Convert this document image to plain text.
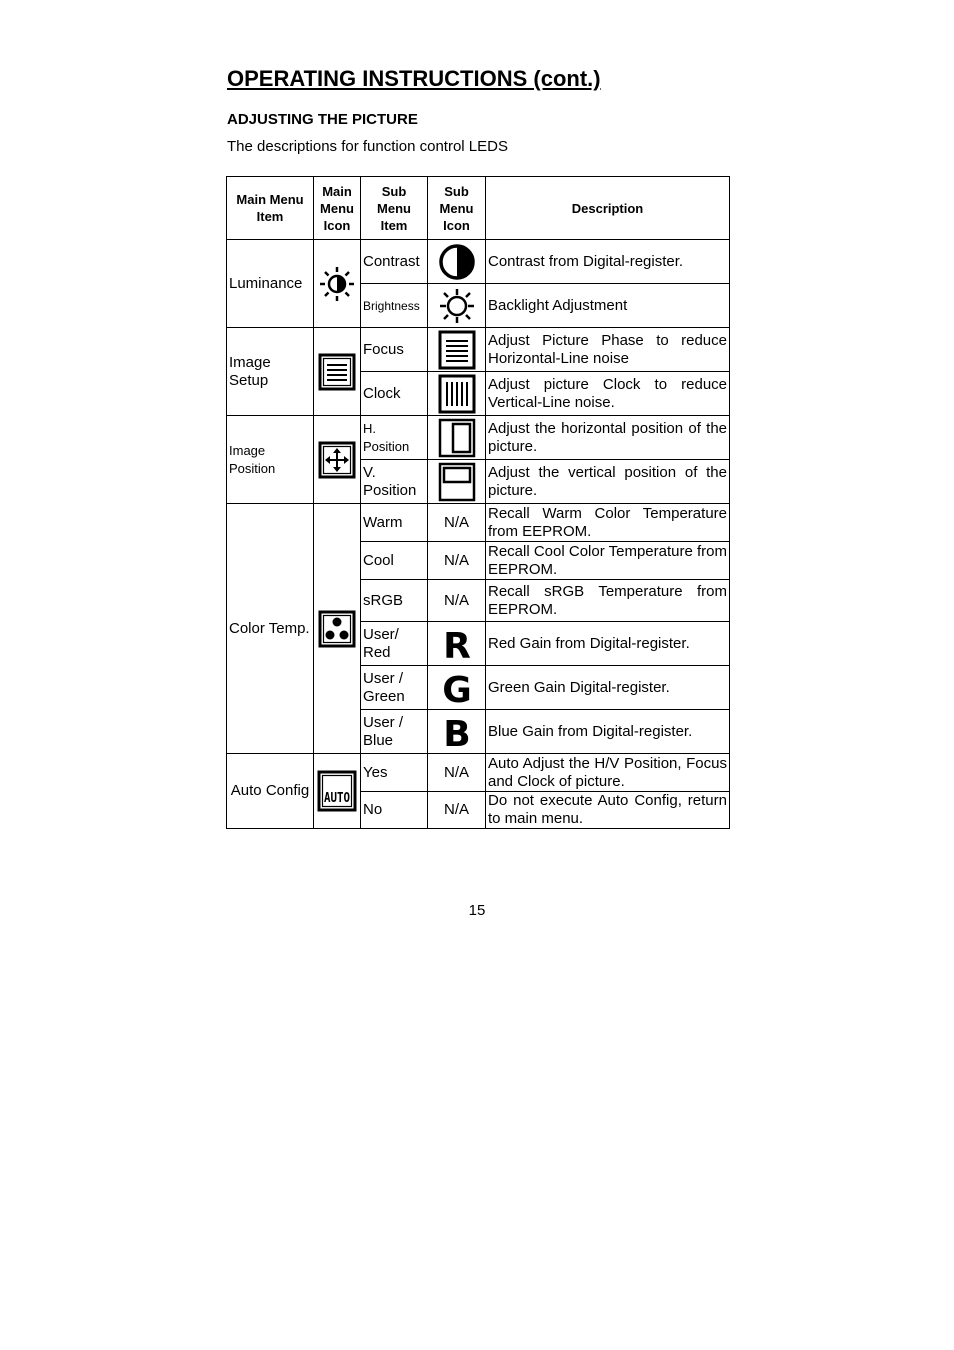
OPERATING INSTRUCTIONS (cont.)
ADJUSTING THE PICTURE

The descriptions for function control LEDS

Main Menu Item	Main Menu Icon	Sub Menu Item	Sub Menu Icon	Description
Luminance		Contrast		Contrast from Digital-register.
		Brightness		Backlight Adjustment
Image Setup		Focus		Adjust Picture Phase to reduce Horizontal-Line noise
		Clock		Adjust picture Clock to reduce Vertical-Line noise.
Image Position		H. Position		Adjust the horizontal position of the picture.
		V. Position		Adjust the vertical position of the picture.
Color Temp.		Warm	N/A	Recall Warm Color Temperature from EEPROM.
		Cool	N/A	Recall Cool Color Temperature from EEPROM.
		sRGB	N/A	Recall sRGB Temperature from EEPROM.
		User/ Red	R	Red Gain from Digital-register.
		User / Green	G	Green Gain Digital-register.
		User / Blue	B	Blue Gain from Digital-register.
Auto Config	AUTO	Yes	N/A	Auto Adjust the H/V Position, Focus and Clock of picture.
		No	N/A	Do not execute Auto Config, return to main menu.
15
